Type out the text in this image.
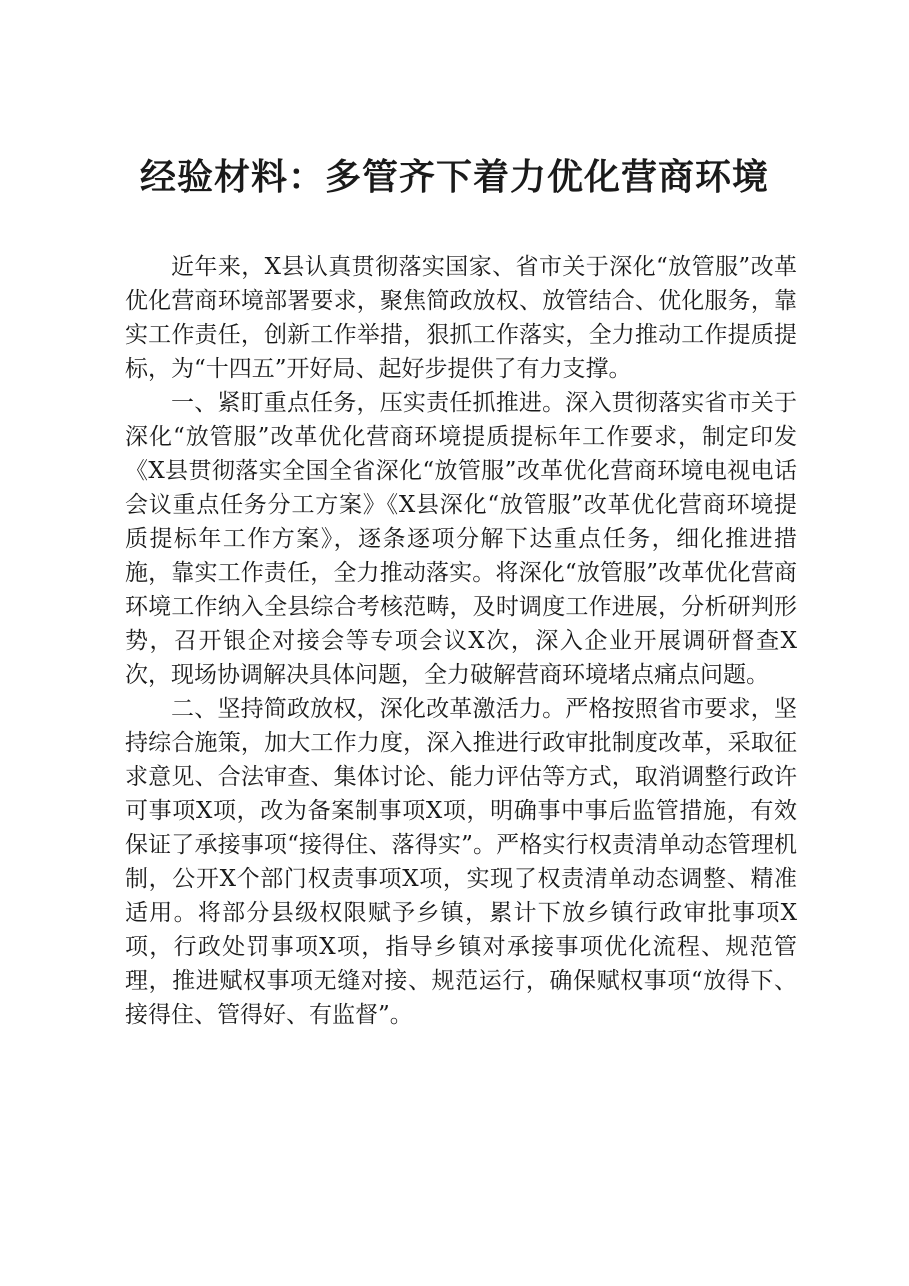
经验材料：多管齐下着力优化营商环境

近年来，X县认真贯彻落实国家、省市关于深化“放管服”改革优化营商环境部署要求，聚焦简政放权、放管结合、优化服务，靠实工作责任，创新工作举措，狠抓工作落实，全力推动工作提质提标，为“十四五”开好局、起好步提供了有力支撑。

一、紧盯重点任务，压实责任抓推进。深入贯彻落实省市关于深化“放管服”改革优化营商环境提质提标年工作要求，制定印发《X县贯彻落实全国全省深化“放管服”改革优化营商环境电视电话会议重点任务分工方案》《X县深化“放管服”改革优化营商环境提质提标年工作方案》，逐条逐项分解下达重点任务，细化推进措施，靠实工作责任，全力推动落实。将深化“放管服”改革优化营商环境工作纳入全县综合考核范畴，及时调度工作进展，分析研判形势，召开银企对接会等专项会议X次，深入企业开展调研督查X次，现场协调解决具体问题，全力破解营商环境堵点痛点问题。

二、坚持简政放权，深化改革激活力。严格按照省市要求，坚持综合施策，加大工作力度，深入推进行政审批制度改革，采取征求意见、合法审查、集体讨论、能力评估等方式，取消调整行政许可事项X项，改为备案制事项X项，明确事中事后监管措施，有效保证了承接事项“接得住、落得实”。严格实行权责清单动态管理机制，公开X个部门权责事项X项，实现了权责清单动态调整、精准适用。将部分县级权限赋予乡镇，累计下放乡镇行政审批事项X项，行政处罚事项X项，指导乡镇对承接事项优化流程、规范管理，推进赋权事项无缝对接、规范运行，确保赋权事项“放得下、接得住、管得好、有监督”。
